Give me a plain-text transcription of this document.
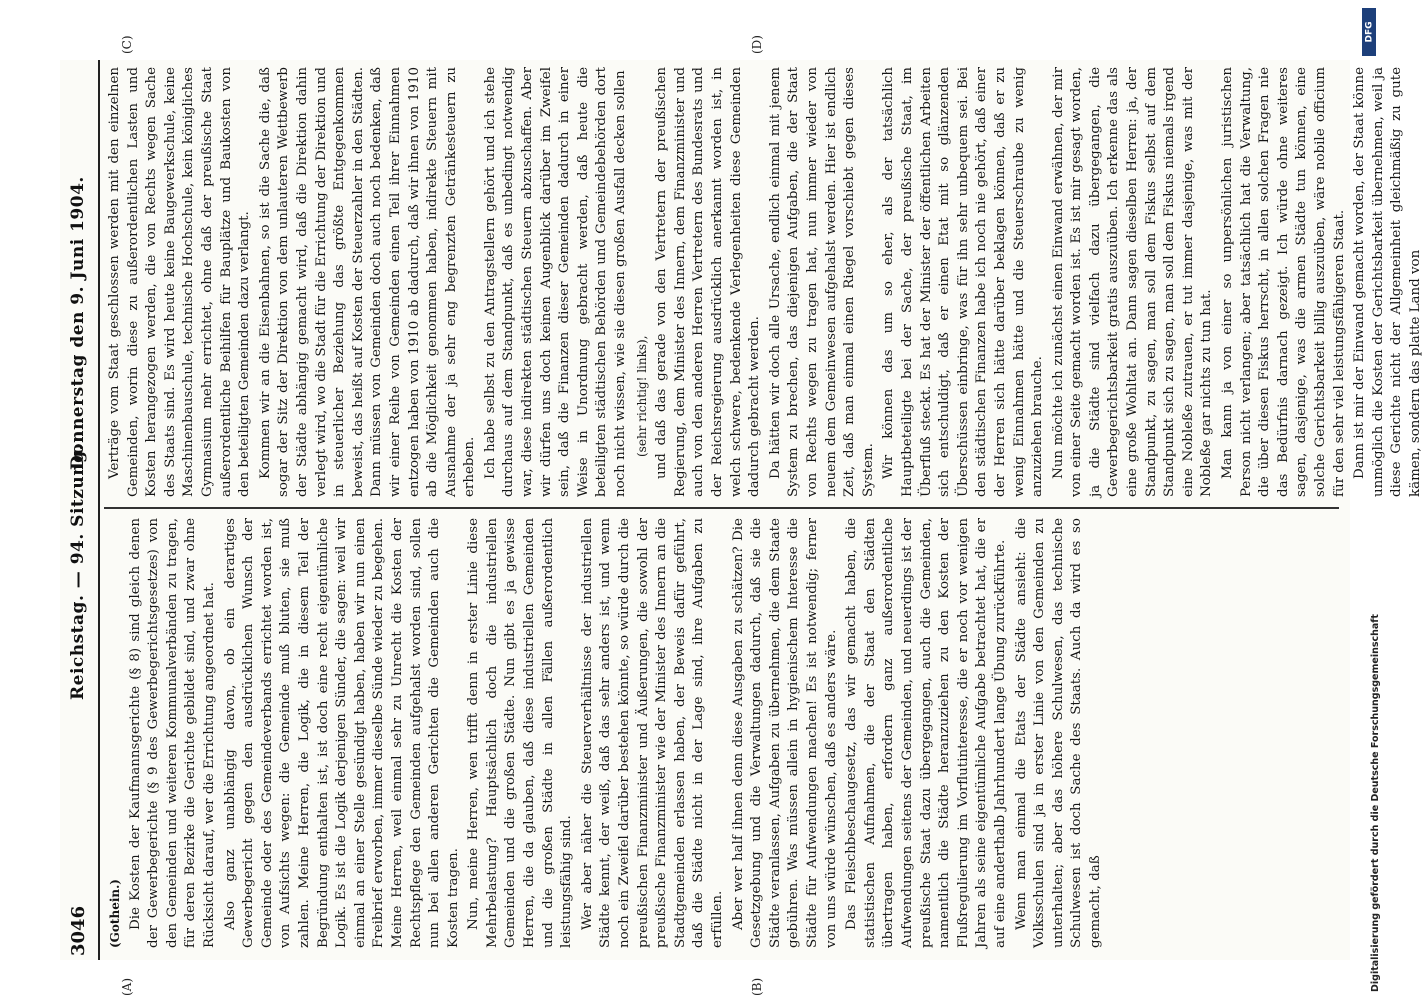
3046
Reichstag. — 94. Sitzung.
Donnerstag den 9. Juni 1904.
(A)	(B)
(C)	(D)

(Gothein.) Die Kosten der Kaufmannsgerichte (§ 8) sind gleich denen der Gewerbegerichte (§ 9 des Gewerbegerichtsgesetzes) von den Gemeinden und weiteren Kommunalverbänden zu tragen, für deren Bezirke die Gerichte gebildet sind, und zwar ohne Rücksicht darauf, wer die Errichtung angeordnet hat. Also ganz unabhängig davon, ob ein derartiges Gewerbegericht gegen den ausdrücklichen Wunsch der Gemeinde oder des Gemeindeverbands errichtet worden ist, von Aufsichts wegen: die Gemeinde muß bluten, sie muß zahlen. Meine Herren, die Logik, die in diesem Teil der Begründung enthalten ist, ist doch eine recht eigentümliche Logik. Es ist die Logik derjenigen Sünder, die sagen: weil wir einmal an einer Stelle gesündigt haben, haben wir nun einen Freibrief erworben, immer dieselbe Sünde wieder zu begehen. Meine Herren, weil einmal sehr zu Unrecht die Kosten der Rechtspflege den Gemeinden aufgehalst worden sind, sollen nun bei allen anderen Gerichten die Gemeinden auch die Kosten tragen. Nun, meine Herren, wen trifft denn in erster Linie diese Mehrbelastung? Hauptsächlich doch die industriellen Gemeinden und die großen Städte. Nun gibt es ja gewisse Herren, die da glauben, daß diese industriellen Gemeinden und die großen Städte in allen Fällen außerordentlich leistungsfähig sind. Wer aber näher die Steuerverhältnisse der industriellen Städte kennt, der weiß, daß das sehr anders ist, und wenn noch ein Zweifel darüber bestehen könnte, so würde durch die preußischen Finanzminister und Äußerungen, die sowohl der preußische Finanzminister wie der Minister des Innern an die Stadtgemeinden erlassen haben, der Beweis dafür geführt, daß die Städte nicht in der Lage sind, ihre Aufgaben zu erfüllen. Aber wer half ihnen denn diese Ausgaben zu schätzen? Die Gesetzgebung und die Verwaltungen dadurch, daß sie die Städte veranlassen, Aufgaben zu übernehmen, die dem Staate gebühren. Was müssen allein in hygienischem Interesse die Städte für Aufwendungen machen! Es ist notwendig; ferner von uns würde wünschen, daß es anders wäre. Das Fleischbeschaugesetz, das wir gemacht haben, die statistischen Aufnahmen, die der Staat den Städten übertragen haben, erfordern ganz außerordentliche Aufwendungen seitens der Gemeinden, und neuerdings ist der preußische Staat dazu übergegangen, auch die Gemeinden, namentlich die Städte heranzuziehen zu den Kosten der Flußregulierung im Vorflutinteresse, die er noch vor wenigen Jahren als seine eigentümliche Aufgabe betrachtet hat, die er auf eine anderthalb Jahrhundert lange Übung zurückführte. Wenn man einmal die Etats der Städte ansieht: die Volksschulen sind ja in erster Linie von den Gemeinden zu unterhalten; aber das höhere Schulwesen, das technische Schulwesen ist doch Sache des Staats. Auch da wird es so gemacht, daß

Verträge vom Staat geschlossen werden mit den einzelnen Gemeinden, worin diese zu außerordentlichen Lasten und Kosten herangezogen werden, die von Rechts wegen Sache des Staats sind. Es wird heute keine Baugewerkschule, keine Maschinenbauschule, technische Hochschule, kein königliches Gymnasium mehr errichtet, ohne daß der preußische Staat außerordentliche Beihilfen für Bauplätze und Baukosten von den beteiligten Gemeinden dazu verlangt. Kommen wir an die Eisenbahnen, so ist die Sache die, daß sogar der Sitz der Direktion von dem unlauteren Wettbewerb der Städte abhängig gemacht wird, daß die Direktion dahin verlegt wird, wo die Stadt für die Errichtung der Direktion und in steuerlicher Beziehung das größte Entgegenkommen beweist, das heißt auf Kosten der Steuerzahler in den Städten. Dann müssen von Gemeinden doch auch noch bedenken, daß wir einer Reihe von Gemeinden einen Teil ihrer Einnahmen entzogen haben von 1910 ab dadurch, daß wir ihnen von 1910 ab die Möglichkeit genommen haben, indirekte Steuern mit Ausnahme der ja sehr eng begrenzten Getränkesteuern zu erheben. Ich habe selbst zu den Antragstellern gehört und ich stehe durchaus auf dem Standpunkt, daß es unbedingt notwendig war, diese indirekten städtischen Steuern abzuschaffen. Aber wir dürfen uns doch keinen Augenblick darüber im Zweifel sein, daß die Finanzen dieser Gemeinden dadurch in einer Weise in Unordnung gebracht werden, daß heute die beteiligten städtischen Behörden und Gemeindebehörden dort noch nicht wissen, wie sie diesen großen Ausfall decken sollen (sehr richtig! links), und daß das gerade von den Vertretern der preußischen Regierung, dem Minister des Innern, dem Finanzminister und auch von den anderen Herren Vertretern des Bundesrats und der Reichsregierung ausdrücklich anerkannt worden ist, in welch schwere, bedenkende Verlegenheiten diese Gemeinden dadurch gebracht werden. Da hätten wir doch alle Ursache, endlich einmal mit jenem System zu brechen, das diejenigen Aufgaben, die der Staat von Rechts wegen zu tragen hat, nun immer wieder von neuem dem Gemeinwesen aufgehalst werden. Hier ist endlich Zeit, daß man einmal einen Riegel vorschiebt gegen dieses System. Wir können das um so eher, als der tatsächlich Hauptbeteiligte bei der Sache, der preußische Staat, im Überfluß steckt. Es hat der Minister der öffentlichen Arbeiten sich entschuldigt, daß er einen Etat mit so glänzenden Überschüssen einbringe, was für ihn sehr unbequem sei. Bei den städtischen Finanzen habe ich noch nie gehört, daß einer der Herren sich hätte darüber beklagen können, daß er zu wenig Einnahmen hätte und die Steuerschraube zu wenig anzuziehen brauche. Nun möchte ich zunächst einen Einwand erwähnen, der mir von einer Seite gemacht worden ist. Es ist mir gesagt worden, ja die Städte sind vielfach dazu übergegangen, die Gewerbegerichtsbarkeit gratis auszuüben. Ich erkenne das als eine große Wohltat an. Dann sagen dieselben Herren: ja, der Standpunkt, zu sagen, man soll dem Fiskus selbst auf dem Standpunkt sich zu sagen, man soll dem Fiskus niemals irgend eine Nobleße zutrauen, er tut immer dasjenige, was mit der Nobleße gar nichts zu tun hat. Man kann ja von einer so unpersönlichen juristischen Person nicht verlangen; aber tatsächlich hat die Verwaltung, die über diesen Fiskus herrscht, in allen solchen Fragen nie das Bedürfnis darnach gezeigt. Ich würde ohne weiteres sagen, dasjenige, was die armen Städte tun können, eine solche Gerichtsbarkeit billig auszuüben, wäre nobile officium für den sehr viel leistungsfähigeren Staat. Dann ist mir der Einwand gemacht worden, der Staat könne unmöglich die Kosten der Gerichtsbarkeit übernehmen, weil ja diese Gerichte nicht der Allgemeinheit gleichmäßig zu gute kämen, sondern das platte Land von

DFG
Digitalisierung gefördert durch die Deutsche Forschungsgemeinschaft
